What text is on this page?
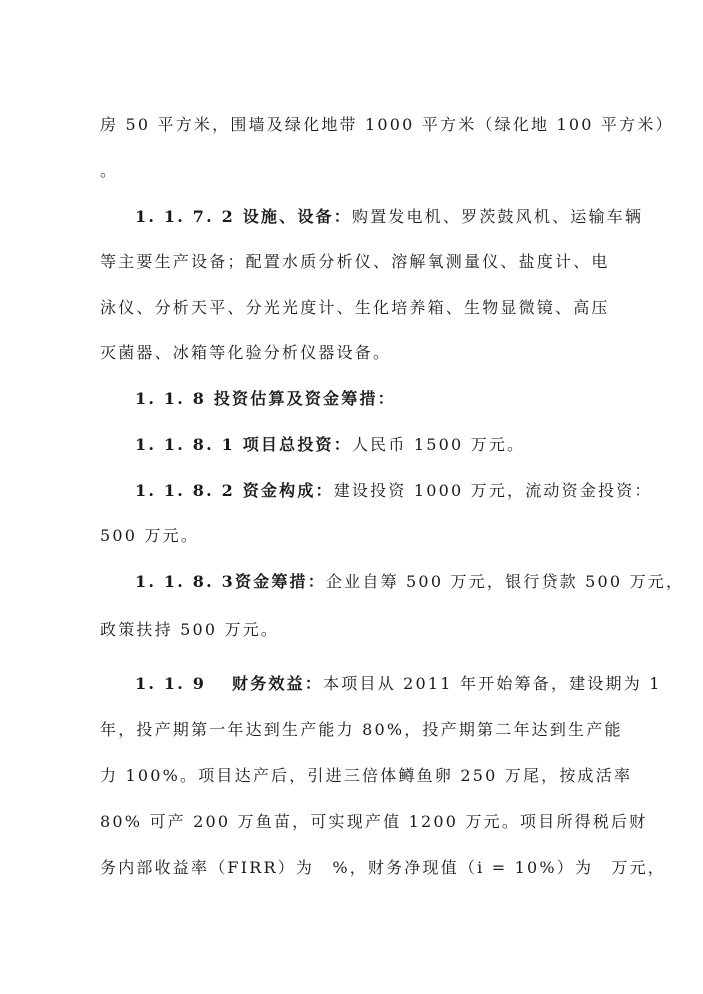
房 50 平方米，围墙及绿化地带 1000 平方米（绿化地 100 平方米）
。
1. 1. 7. 2 设施、设备：购置发电机、罗茨鼓风机、运输车辆
等主要生产设备；配置水质分析仪、溶解氧测量仪、盐度计、电
泳仪、分析天平、分光光度计、生化培养箱、生物显微镜、高压
灭菌器、冰箱等化验分析仪器设备。
1. 1. 8 投资估算及资金筹措：
1. 1. 8. 1 项目总投资：人民币 1500 万元。
1. 1. 8. 2 资金构成：建设投资 1000 万元，流动资金投资：
500 万元。
1. 1. 8. 3资金筹措：企业自筹 500 万元，银行贷款 500 万元，
政策扶持 500 万元。
1. 1. 9　 财务效益：本项目从 2011 年开始筹备，建设期为 1
年，投产期第一年达到生产能力 80%，投产期第二年达到生产能
力 100%。项目达产后，引进三倍体鳟鱼卵 250 万尾，按成活率
80% 可产 200 万鱼苗，可实现产值 1200 万元。项目所得税后财
务内部收益率（FIRR）为　%，财务净现值（i = 10%）为　万元，
